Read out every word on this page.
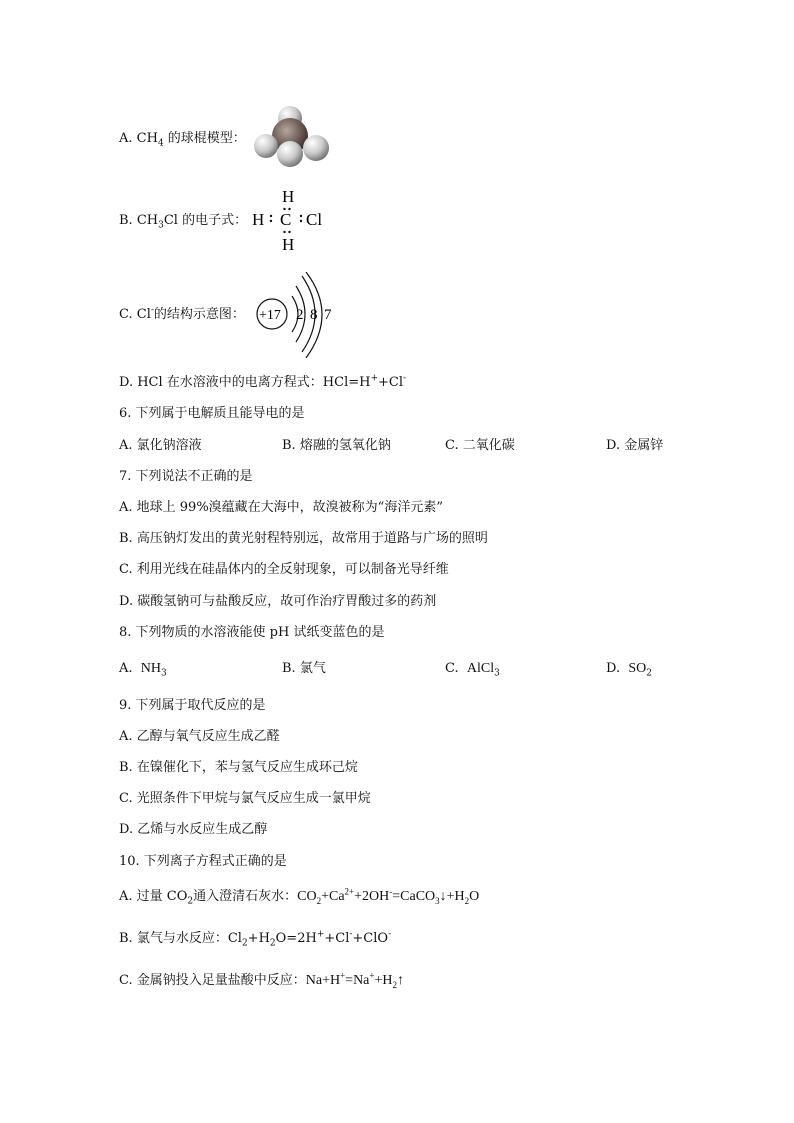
A. $CH_4$ 的球棍模型：
B. $CH_3Cl$ 的电子式：
H
H C Cl
H
C. Cl-的结构示意图： +17 2 8 7
D. HCl 在水溶液中的电离方程式：HCl=H++Cl-
6. 下列属于电解质且能导电的是
A. 氯化钠溶液	B. 熔融的氢氧化钠	C. 二氧化碳	D. 金属锌
7. 下列说法不正确的是
A. 地球上 99%溴蕴藏在大海中，故溴被称为“海洋元素”
B. 高压钠灯发出的黄光射程特别远，故常用于道路与广场的照明
C. 利用光线在硅晶体内的全反射现象，可以制备光导纤维
D. 碳酸氢钠可与盐酸反应，故可作治疗胃酸过多的药剂
8. 下列物质的水溶液能使 pH 试纸变蓝色的是
A. $NH_3$	B. 氯气	C. AlCl$_3$	D. $SO_2$
9. 下列属于取代反应的是
A. 乙醇与氧气反应生成乙醛
B. 在镍催化下，苯与氢气反应生成环己烷
C. 光照条件下甲烷与氯气反应生成一氯甲烷
D. 乙烯与水反应生成乙醇
10. 下列离子方程式正确的是
A. 过量 $CO_2$通入澄清石灰水：$CO_2+Ca^{2+}+2OH^-=CaCO_3↓+H_2O$
B. 氯气与水反应：$Cl_2+H_2O=2H^++Cl^-+ClO^-$
C. 金属钠投入足量盐酸中反应：$Na+H^+=Na^++H_2↑$
